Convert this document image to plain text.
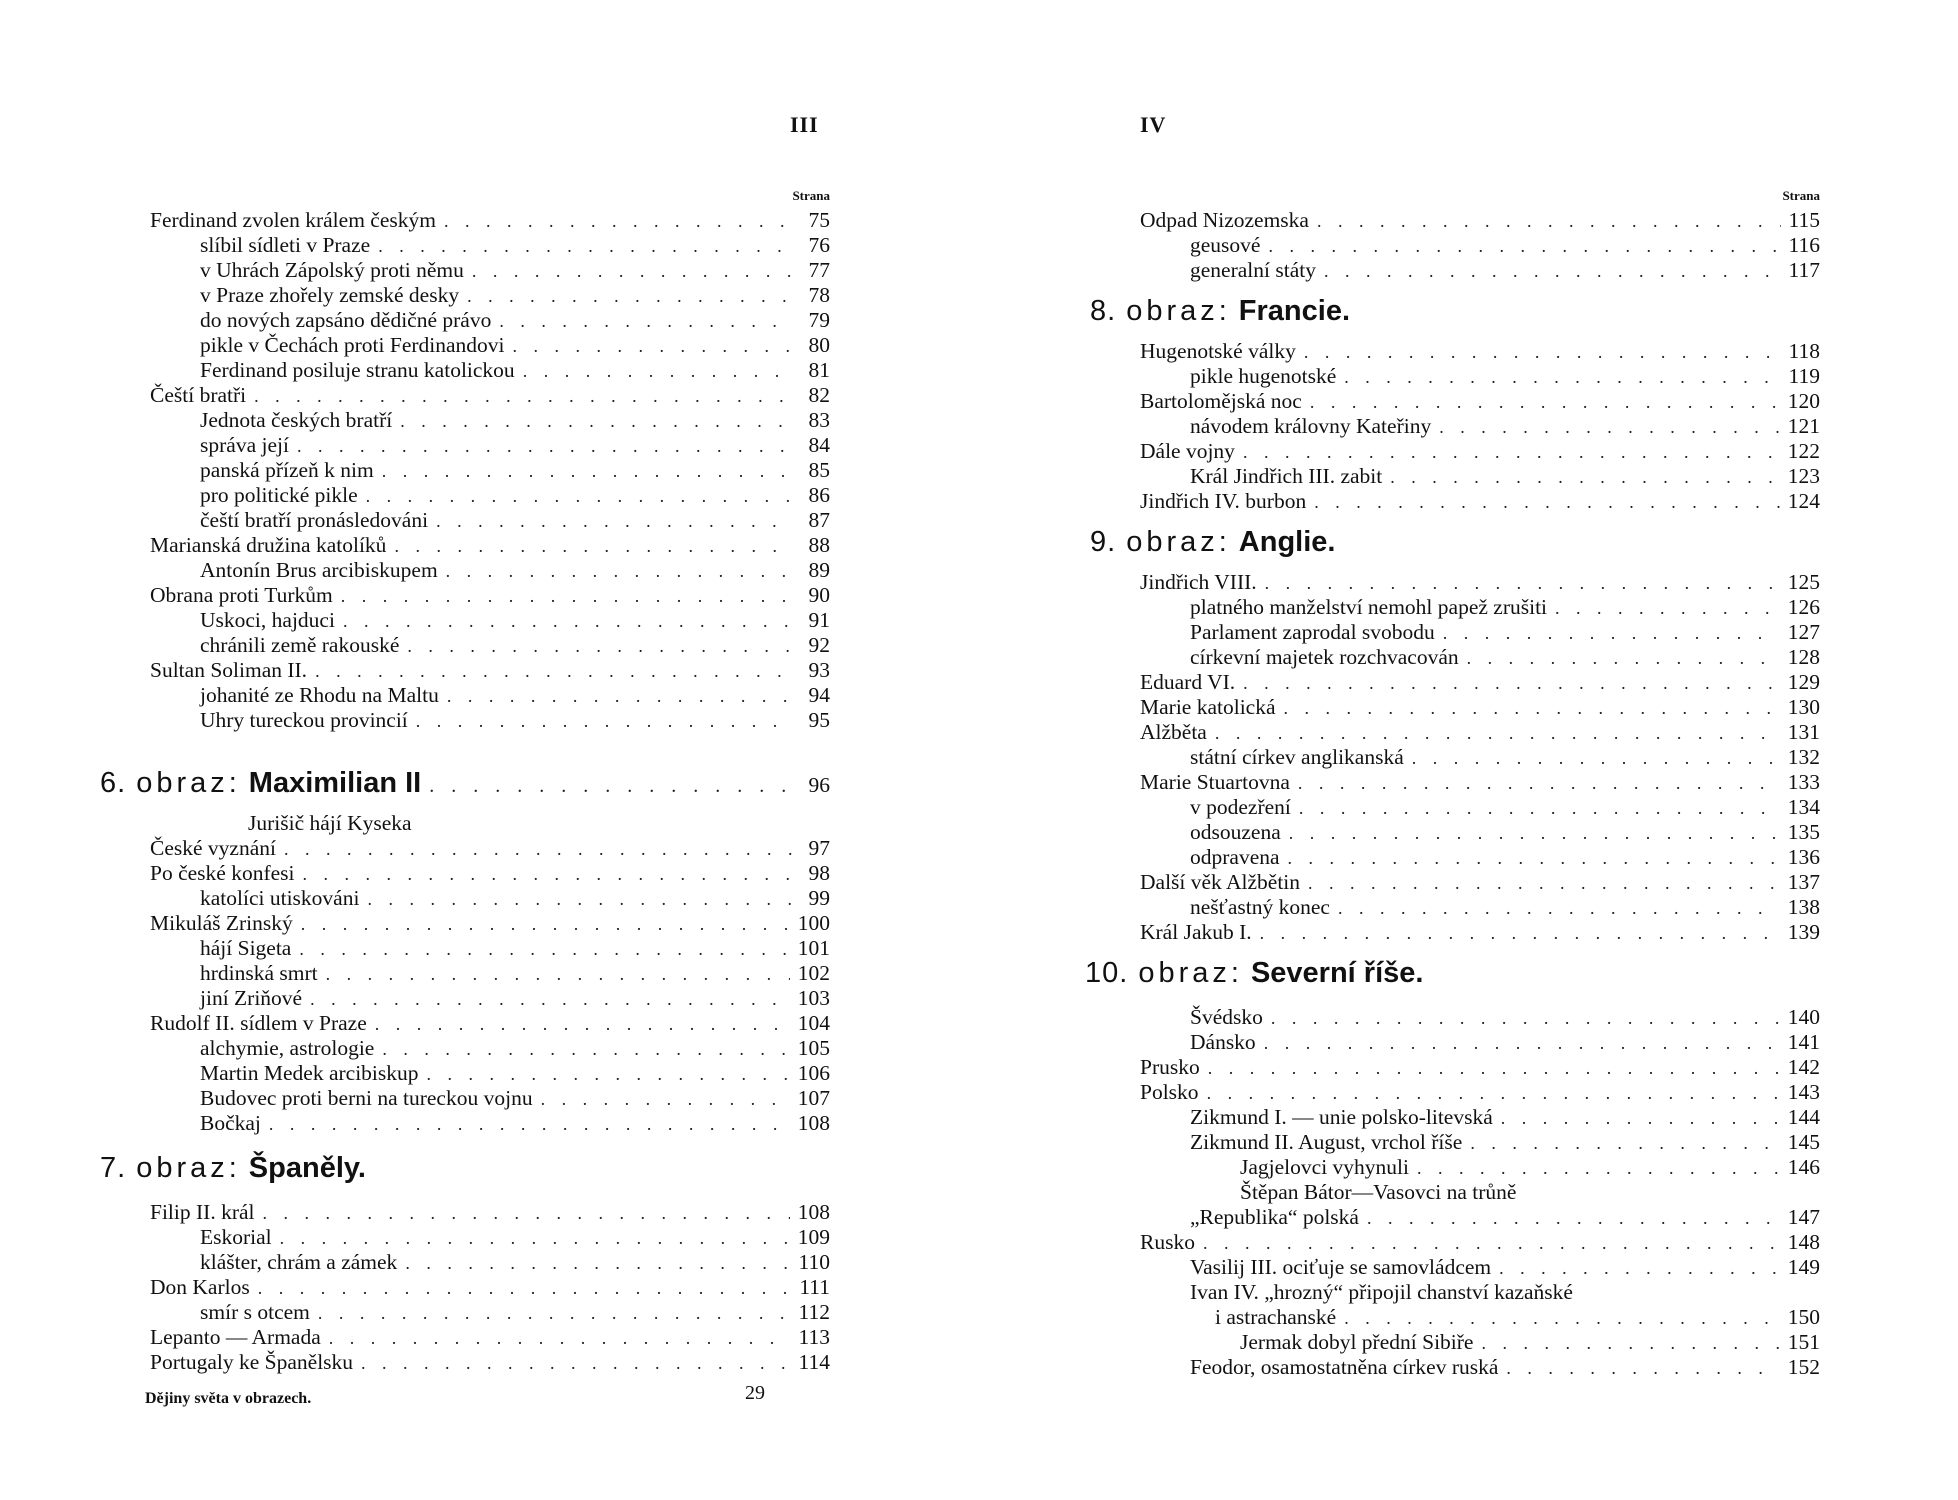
III
Strana
Ferdinand zvolen králem českým . . .	75
slíbil sídleti v Praze . . .	76
v Uhrách Zápolský proti němu . . .	77
v Praze zhořely zemské desky . . .	78
do nových zapsáno dědičné právo . . .	79
pikle v Čechách proti Ferdinandovi . . .	80
Ferdinand posiluje stranu katolickou . . .	81
Čeští bratři . . .	82
Jednota českých bratří . . .	83
správa její . . .	84
panská přízeň k nim . . .	85
pro politické pikle . . .	86
čeští bratří pronásledováni . . .	87
Marianská družina katolíků . . .	88
Antonín Brus arcibiskupem . . .	89
Obrana proti Turkům . . .	90
Uskoci, hajduci . . .	91
chránili země rakouské . . .	92
Sultan Soliman II. . . .	93
johanité ze Rhodu na Maltu . . .	94
Uhry tureckou provincií . . .	95
6. obraz : Maximilian II . . .	96
Jurišič hájí Kyseka
České vyznání . . .	97
Po české konfesi . . .	98
katolíci utiskováni . . .	99
Mikuláš Zrinský . . .	100
hájí Sigeta . . .	101
hrdinská smrt . . .	102
jiní Zriňové . . .	103
Rudolf II. sídlem v Praze . . .	104
alchymie, astrologie . . .	105
Martin Medek arcibiskup . . .	106
Budovec proti berni na tureckou vojnu . . .	107
Bočkaj . . .	108
7. obraz : Španěly.
Filip II. král . . .	108
Eskorial . . .	109
klášter, chrám a zámek . . .	110
Don Karlos . . .	111
smír s otcem . . .	112
Lepanto — Armada . . .	113
Portugaly ke Španělsku . . .	114
Dějiny světa v obrazech.	29
IV
Strana
Odpad Nizozemska . . .	115
geusové . . .	116
generalní státy . . .	117
8. obraz : Francie.
Hugenotské války . . .	118
pikle hugenotské . . .	119
Bartolomějská noc . . .	120
návodem královny Kateřiny . . .	121
Dále vojny . . .	122
Král Jindřich III. zabit . . .	123
Jindřich IV. burbon . . .	124
9. obraz : Anglie.
Jindřich VIII. . . .	125
platného manželství nemohl papež zrušiti . . .	126
Parlament zaprodal svobodu . . .	127
církevní majetek rozchvacován . . .	128
Eduard VI. . . .	129
Marie katolická . . .	130
Alžběta . . .	131
státní církev anglikanská . . .	132
Marie Stuartovna . . .	133
v podezření . . .	134
odsouzena . . .	135
odpravena . . .	136
Další věk Alžbětin . . .	137
nešťastný konec . . .	138
Král Jakub I. . . .	139
10. obraz : Severní říše.
Švédsko . . .	140
Dánsko . . .	141
Prusko . . .	142
Polsko . . .	143
Zikmund I. — unie polsko-litevská . . .	144
Zikmund II. August, vrchol říše . . .	145
Jagjelovci vyhynuli . . .	146
Štěpan Bátor—Vasovci na trůně
„Republika“ polská . . .	147
Rusko . . .	148
Vasilij III. ociťuje se samovládcem . . .	149
Ivan IV. „hrozný“ připojil chanství kazaňské
i astrachanské . . .	150
Jermak dobyl přední Sibiře . . .	151
Feodor, osamostatněna církev ruská . . .	152
